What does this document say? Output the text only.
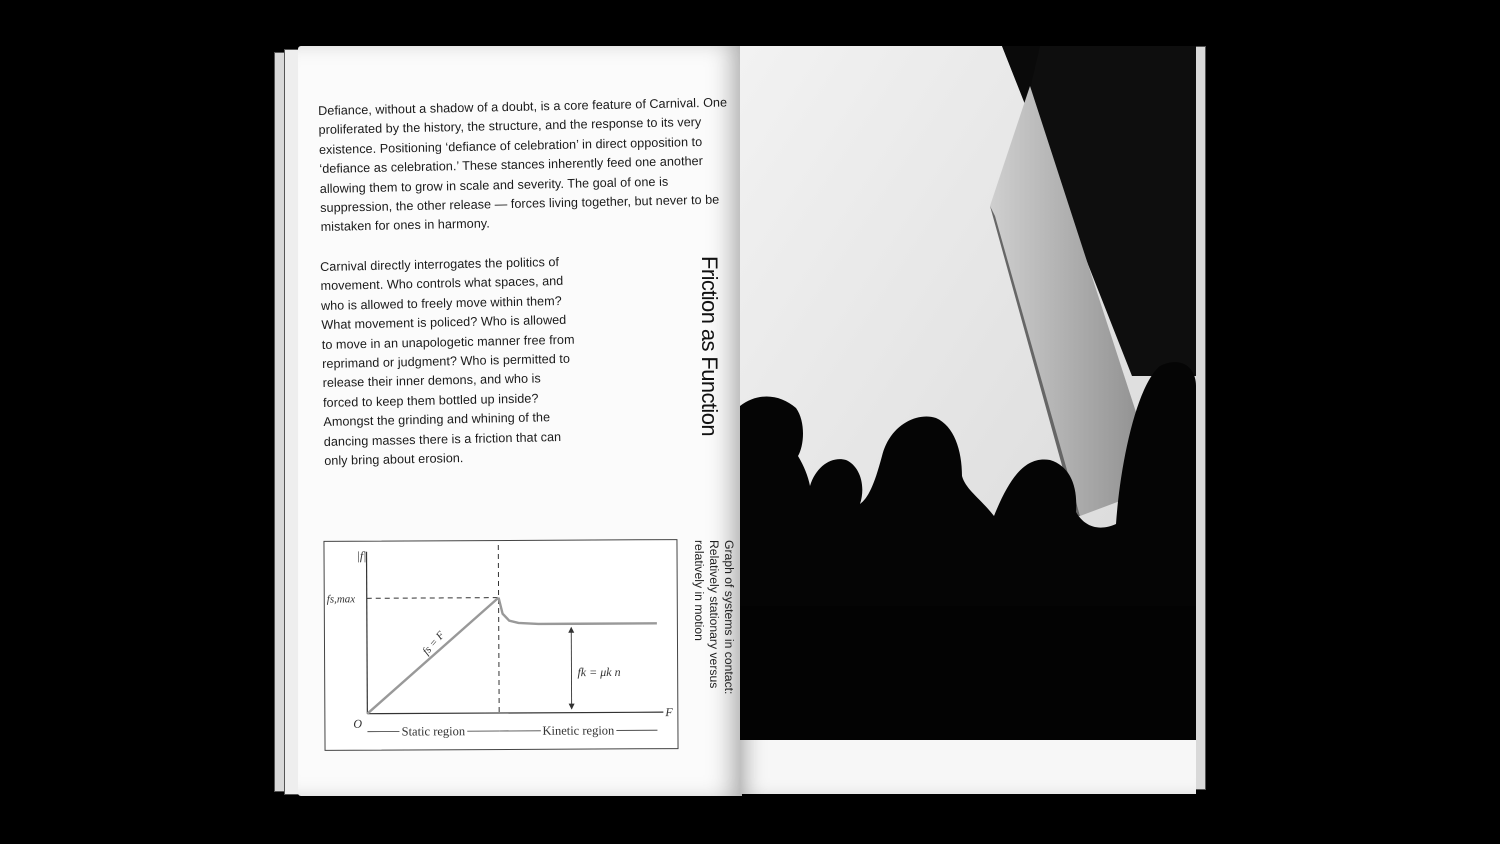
Defiance, without a shadow of a doubt, is a core feature of Carnival. One proliferated by the history, the structure, and the response to its very existence. Positioning ‘defiance of celebration’ in direct opposition to ‘defiance as celebration.’ These stances inherently feed one another allowing them to grow in scale and severity. The goal of one is suppression, the other release — forces living together, but never to be mistaken for ones in harmony.
Carnival directly interrogates the politics of movement. Who controls what spaces, and who is allowed to freely move within them? What movement is policed? Who is allowed to move in an unapologetic manner free from reprimand or judgment? Who is permitted to release their inner demons, and who is forced to keep them bottled up inside? Amongst the grinding and whining of the dancing masses there is a friction that can only bring about erosion.
Friction as Function
Graph of systems in contact:
Relatively stationary versus
relatively in motion
F
|f|
O
fs,max
fs = F
fk = μk n
Static region	Kinetic region
